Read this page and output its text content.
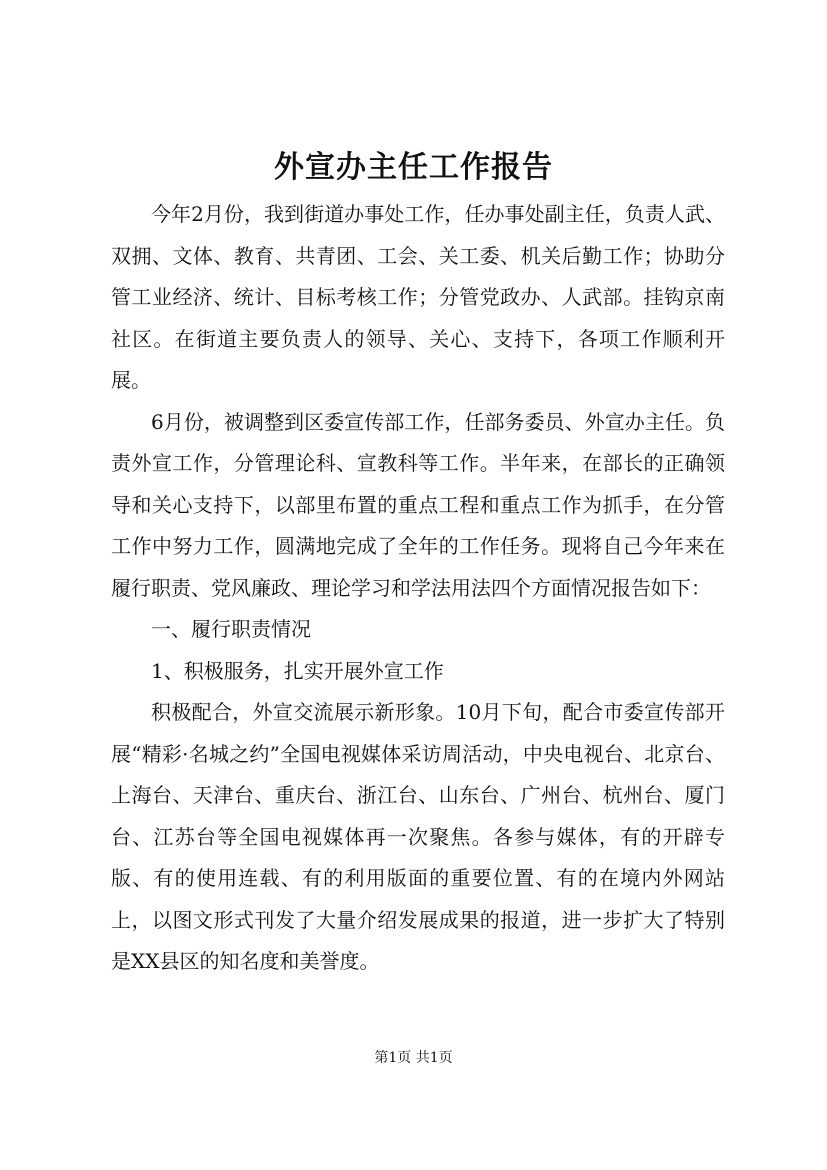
外宣办主任工作报告

今年2月份，我到街道办事处工作，任办事处副主任，负责人武、双拥、文体、教育、共青团、工会、关工委、机关后勤工作；协助分管工业经济、统计、目标考核工作；分管党政办、人武部。挂钩京南社区。在街道主要负责人的领导、关心、支持下，各项工作顺利开展。

6月份，被调整到区委宣传部工作，任部务委员、外宣办主任。负责外宣工作，分管理论科、宣教科等工作。半年来，在部长的正确领导和关心支持下，以部里布置的重点工程和重点工作为抓手，在分管工作中努力工作，圆满地完成了全年的工作任务。现将自己今年来在履行职责、党风廉政、理论学习和学法用法四个方面情况报告如下：

一、履行职责情况

1、积极服务，扎实开展外宣工作

积极配合，外宣交流展示新形象。10月下旬，配合市委宣传部开展“精彩·名城之约”全国电视媒体采访周活动，中央电视台、北京台、上海台、天津台、重庆台、浙江台、山东台、广州台、杭州台、厦门台、江苏台等全国电视媒体再一次聚焦。各参与媒体，有的开辟专版、有的使用连载、有的利用版面的重要位置、有的在境内外网站上，以图文形式刊发了大量介绍发展成果的报道，进一步扩大了特别是XX县区的知名度和美誉度。

第1页 共1页
